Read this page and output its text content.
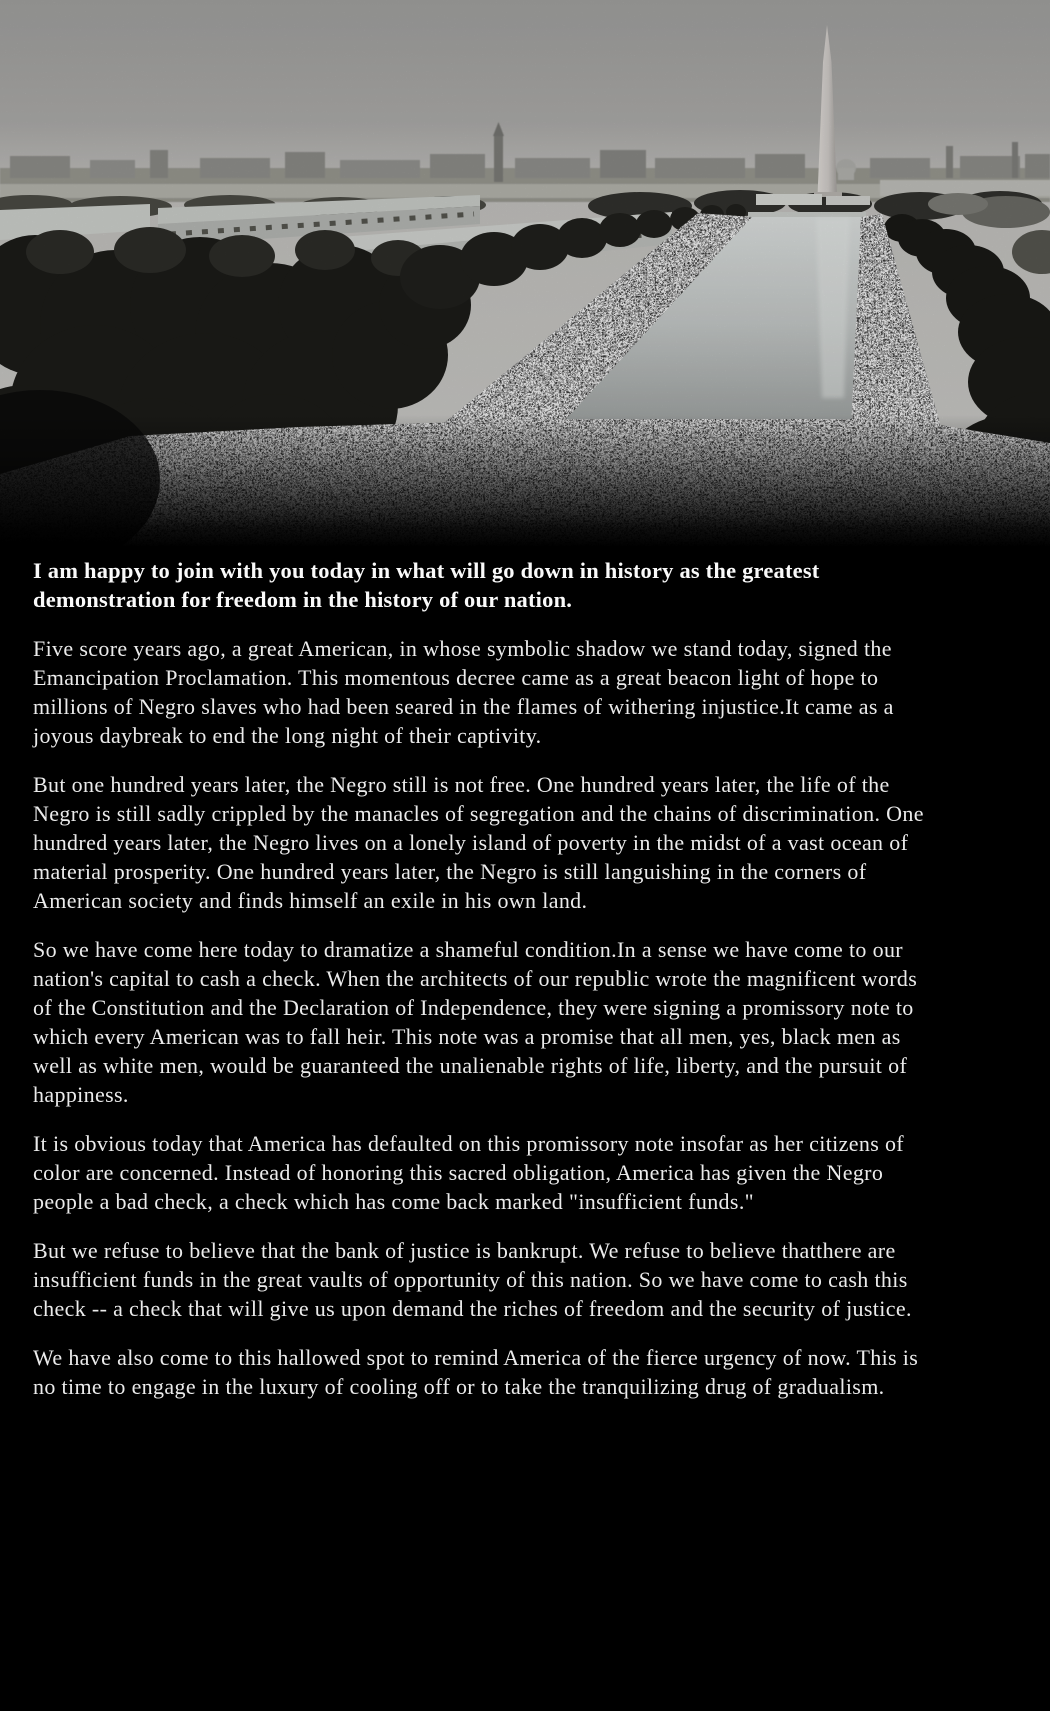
I am happy to join with you today in what will go down in history as the greatest demonstration for freedom in the history of our nation.

Five score years ago, a great American, in whose symbolic shadow we stand today, signed the Emancipation Proclamation. This momentous decree came as a great beacon light of hope to millions of Negro slaves who had been seared in the flames of withering injustice.It came as a joyous daybreak to end the long night of their captivity.

But one hundred years later, the Negro still is not free. One hundred years later, the life of the Negro is still sadly crippled by the manacles of segregation and the chains of discrimination. One hundred years later, the Negro lives on a lonely island of poverty in the midst of a vast ocean of material prosperity. One hundred years later, the Negro is still languishing in the corners of American society and finds himself an exile in his own land.

So we have come here today to dramatize a shameful condition.In a sense we have come to our nation's capital to cash a check. When the architects of our republic wrote the magnificent words of the Constitution and the Declaration of Independence, they were signing a promissory note to which every American was to fall heir. This note was a promise that all men, yes, black men as well as white men, would be guaranteed the unalienable rights of life, liberty, and the pursuit of happiness.

It is obvious today that America has defaulted on this promissory note insofar as her citizens of color are concerned. Instead of honoring this sacred obligation, America has given the Negro people a bad check, a check which has come back marked "insufficient funds."

But we refuse to believe that the bank of justice is bankrupt. We refuse to believe thatthere are insufficient funds in the great vaults of opportunity of this nation. So we have come to cash this check -- a check that will give us upon demand the riches of freedom and the security of justice.

We have also come to this hallowed spot to remind America of the fierce urgency of now. This is no time to engage in the luxury of cooling off or to take the tranquilizing drug of gradualism.
